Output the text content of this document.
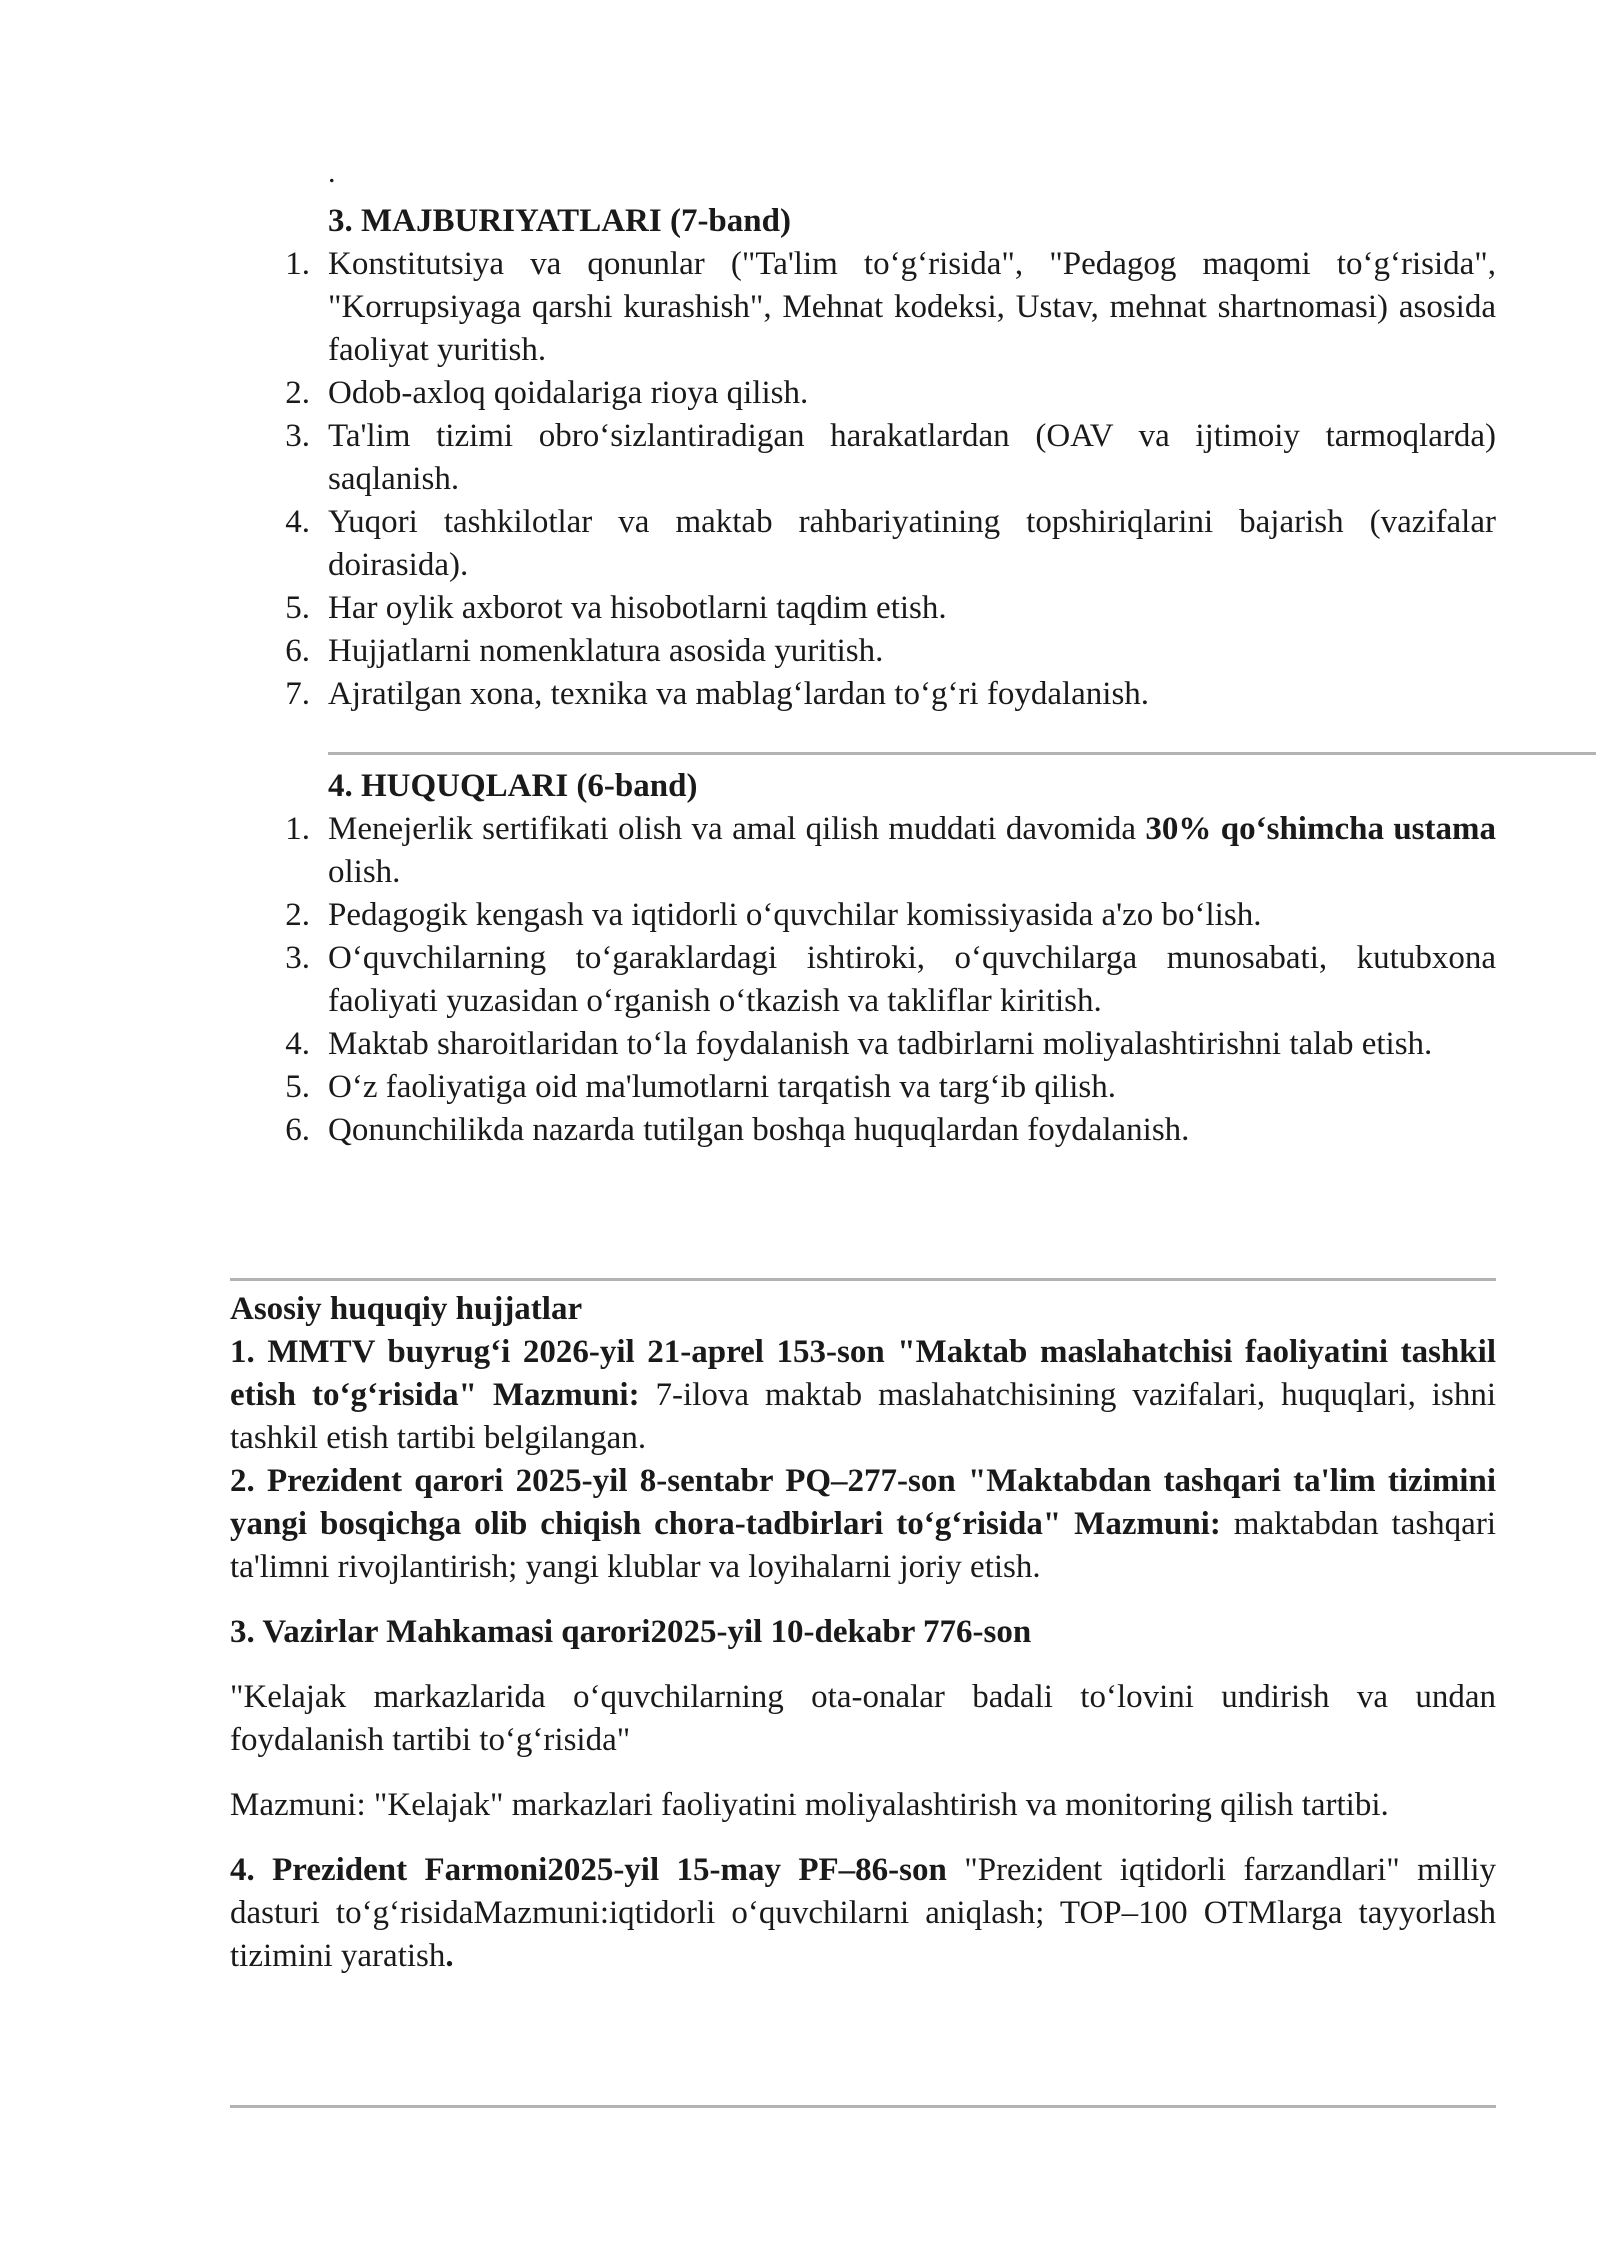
.
3. MAJBURIYATLARI (7-band)
1. Konstitutsiya va qonunlar ("Ta'lim to‘g‘risida", "Pedagog maqomi to‘g‘risida", "Korrupsiyaga qarshi kurashish", Mehnat kodeksi, Ustav, mehnat shartnomasi) asosida faoliyat yuritish.
2. Odob-axloq qoidalariga rioya qilish.
3. Ta'lim tizimi obro‘sizlantiradigan harakatlardan (OAV va ijtimoiy tarmoqlarda) saqlanish.
4. Yuqori tashkilotlar va maktab rahbariyatining topshiriqlarini bajarish (vazifalar doirasida).
5. Har oylik axborot va hisobotlarni taqdim etish.
6. Hujjatlarni nomenklatura asosida yuritish.
7. Ajratilgan xona, texnika va mablag‘lardan to‘g‘ri foydalanish.
4. HUQUQLARI (6-band)
1. Menejerlik sertifikati olish va amal qilish muddati davomida 30% qo‘shimcha ustama olish.
2. Pedagogik kengash va iqtidorli o‘quvchilar komissiyasida a'zo bo‘lish.
3. O‘quvchilarning to‘garaklardagi ishtiroki, o‘quvchilarga munosabati, kutubxona faoliyati yuzasidan o‘rganish o‘tkazish va takliflar kiritish.
4. Maktab sharoitlaridan to‘la foydalanish va tadbirlarni moliyalashtirishni talab etish.
5. O‘z faoliyatiga oid ma'lumotlarni tarqatish va targ‘ib qilish.
6. Qonunchilikda nazarda tutilgan boshqa huquqlardan foydalanish.

Asosiy huquqiy hujjatlar

1. MMTV buyrug‘i 2026-yil 21-aprel 153-son "Maktab maslahatchisi faoliyatini tashkil etish to‘g‘risida" Mazmuni: 7-ilova maktab maslahatchisining vazifalari, huquqlari, ishni tashkil etish tartibi belgilangan.

2. Prezident qarori 2025-yil 8-sentabr PQ–277-son "Maktabdan tashqari ta'lim tizimini yangi bosqichga olib chiqish chora-tadbirlari to‘g‘risida" Mazmuni: maktabdan tashqari ta'limni rivojlantirish; yangi klublar va loyihalarni joriy etish.

3. Vazirlar Mahkamasi qarori2025-yil 10-dekabr 776-son

"Kelajak markazlarida o‘quvchilarning ota-onalar badali to‘lovini undirish va undan foydalanish tartibi to‘g‘risida"

Mazmuni: "Kelajak" markazlari faoliyatini moliyalashtirish va monitoring qilish tartibi.

4. Prezident Farmoni2025-yil 15-may PF–86-son "Prezident iqtidorli farzandlari" milliy dasturi to‘g‘risidaMazmuni:iqtidorli o‘quvchilarni aniqlash; TOP–100 OTMlarga tayyorlash tizimini yaratish.
